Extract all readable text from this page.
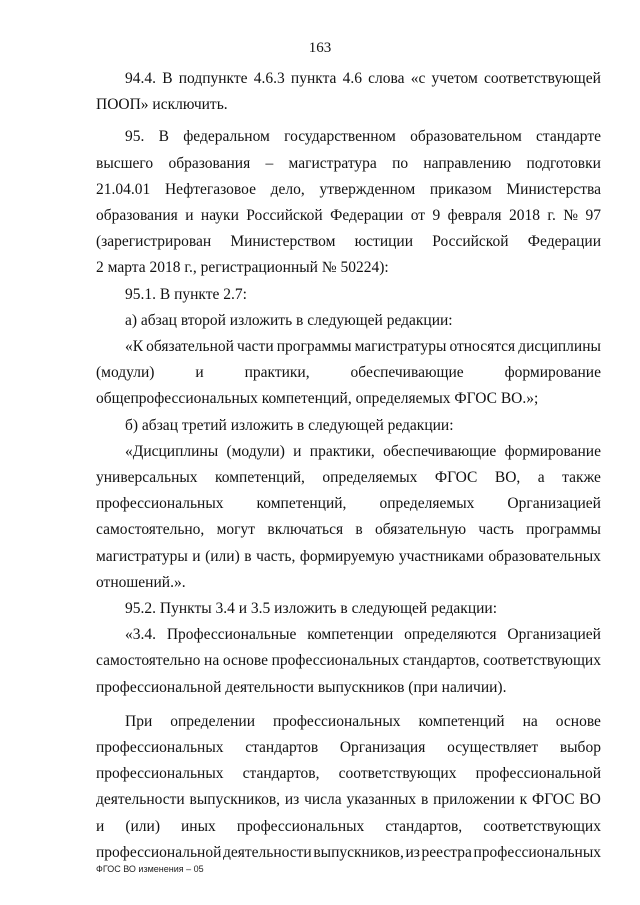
163
94.4. В подпункте 4.6.3 пункта 4.6 слова «с учетом соответствующей
ПООП» исключить.
95. В федеральном государственном образовательном стандарте
высшего образования – магистратура по направлению подготовки
21.04.01 Нефтегазовое дело, утвержденном приказом Министерства
образования и науки Российской Федерации от 9 февраля 2018 г. № 97
(зарегистрирован Министерством юстиции Российской Федерации
2 марта 2018 г., регистрационный № 50224):
95.1. В пункте 2.7:
а) абзац второй изложить в следующей редакции:
«К обязательной части программы магистратуры относятся дисциплины
(модули)	и	практики,	обеспечивающие	формирование
общепрофессиональных компетенций, определяемых ФГОС ВО.»;
б) абзац третий изложить в следующей редакции:
«Дисциплины (модули) и практики, обеспечивающие формирование
универсальных компетенций, определяемых ФГОС ВО, а также
профессиональных компетенций, определяемых Организацией
самостоятельно, могут включаться в обязательную часть программы
магистратуры и (или) в часть, формируемую участниками образовательных
отношений.».
95.2. Пункты 3.4 и 3.5 изложить в следующей редакции:
«3.4. Профессиональные компетенции определяются Организацией
самостоятельно на основе профессиональных стандартов, соответствующих
профессиональной деятельности выпускников (при наличии).
При определении профессиональных компетенций на основе
профессиональных стандартов Организация осуществляет выбор
профессиональных стандартов, соответствующих профессиональной
деятельности выпускников, из числа указанных в приложении к ФГОС ВО
и (или) иных профессиональных стандартов, соответствующих
профессиональной деятельности выпускников, из реестра профессиональных
ФГОС ВО изменения – 05
